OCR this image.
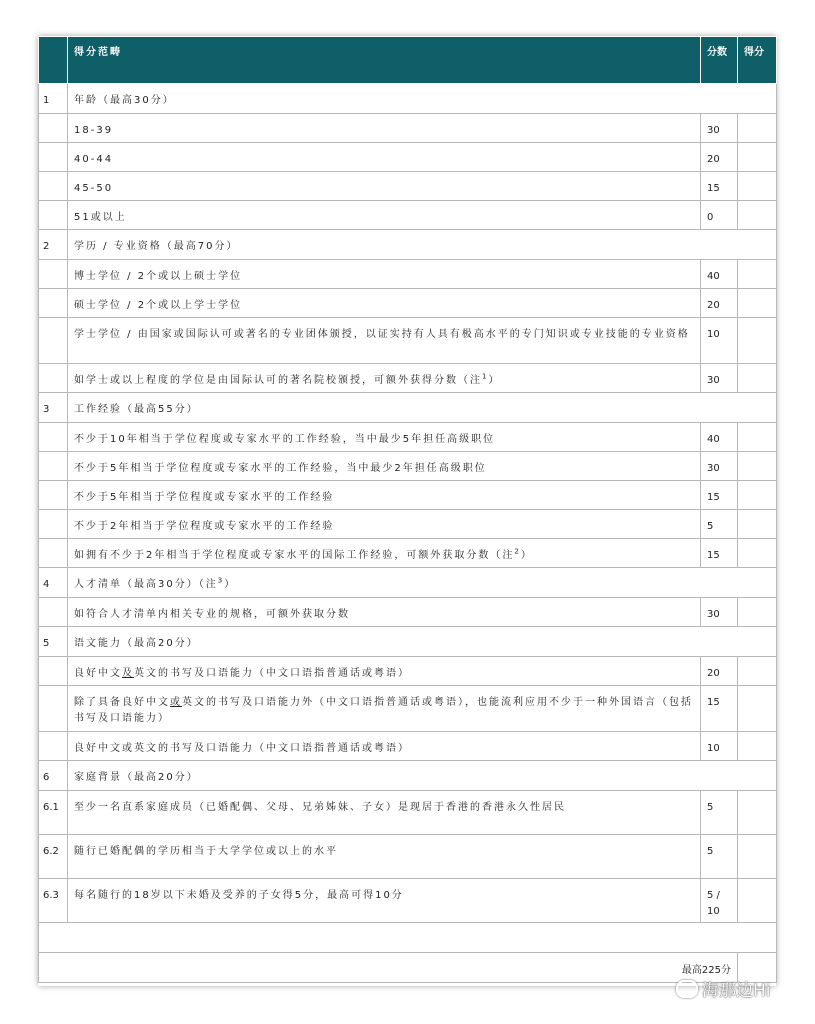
	得分范畴	分数	得分
1	年龄（最高30分）		
	18-39	30	
	40-44	20	
	45-50	15	
	51或以上	0	
2	学历 / 专业资格（最高70分）		
	博士学位 / 2个或以上硕士学位	40	
	硕士学位 / 2个或以上学士学位	20	
	学士学位 / 由国家或国际认可或著名的专业团体颁授，以证实持有人具有极高水平的专门知识或专业技能的专业资格	10	
	如学士或以上程度的学位是由国际认可的著名院校颁授，可额外获得分数（注$^1$）	30	
3	工作经验（最高55分）		
	不少于10年相当于学位程度或专家水平的工作经验，当中最少5年担任高级职位	40	
	不少于5年相当于学位程度或专家水平的工作经验，当中最少2年担任高级职位	30	
	不少于5年相当于学位程度或专家水平的工作经验	15	
	不少于2年相当于学位程度或专家水平的工作经验	5	
	如拥有不少于2年相当于学位程度或专家水平的国际工作经验，可额外获取分数（注$^2$）	15	
4	人才清单（最高30分）（注$^3$）		
	如符合人才清单内相关专业的规格，可额外获取分数	30	
5	语文能力（最高20分）		
	良好中文及英文的书写及口语能力（中文口语指普通话或粤语）	20	
	除了具备良好中文或英文的书写及口语能力外（中文口语指普通话或粤语），也能流利应用不少于一种外国语言（包括书写及口语能力）	15	
	良好中文或英文的书写及口语能力（中文口语指普通话或粤语）	10	
6	家庭背景（最高20分）		
6.1	至少一名直系家庭成员（已婚配偶、父母、兄弟姊妹、子女）是现居于香港的香港永久性居民	5	
6.2	随行已婚配偶的学历相当于大学学位或以上的水平	5	
6.3	每名随行的18岁以下未婚及受养的子女得5分，最高可得10分	5 / 10	

最高225分			
海那边Hi
